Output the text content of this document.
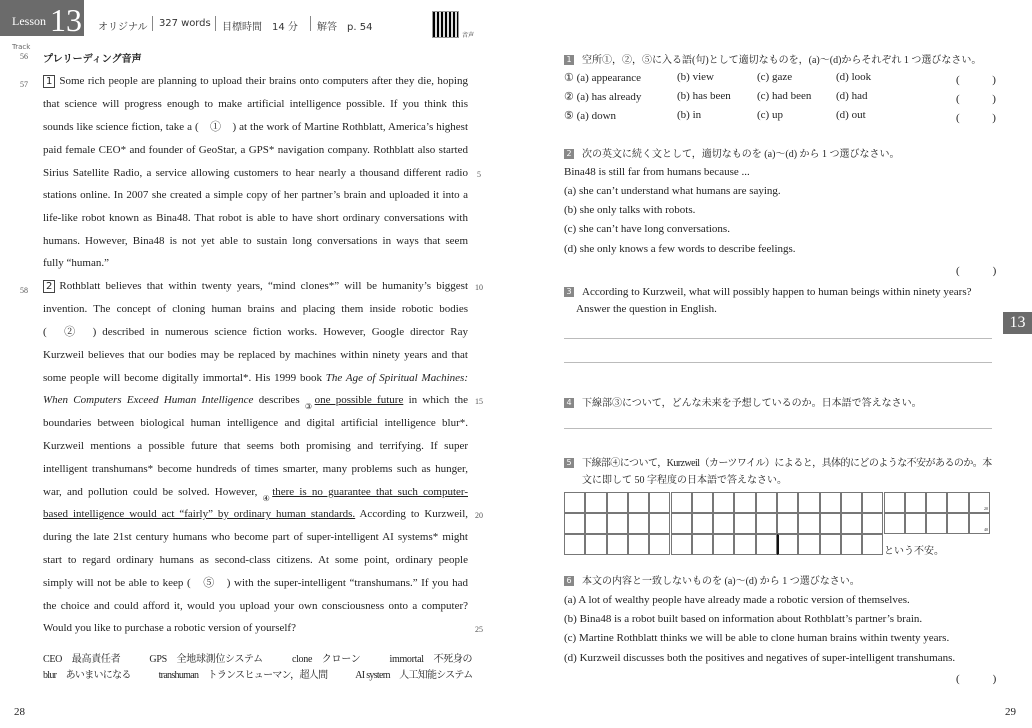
Lesson 13 オリジナル 327 words 目標時間　14 分 解答　p. 54
音声
Track
56 プレリーディング音声
1 Some rich people are planning to upload their brains onto computers after they die, hoping
that science will progress enough to make artificial intelligence possible. If you think this
sounds like science fiction, take a (　①　) at the work of Martine Rothblatt, America’s highest
paid female CEO* and founder of GeoStar, a GPS* navigation company. Rothblatt also started
Sirius Satellite Radio, a service allowing customers to hear nearly a thousand different radio
stations online. In 2007 she created a simple copy of her partner’s brain and uploaded it into a
life-like robot known as Bina48. That robot is able to have short ordinary conversations with
humans. However, Bina48 is not yet able to sustain long conversations in ways that seem
fully “human.”
2 Rothblatt believes that within twenty years, “mind clones*” will be humanity’s biggest
invention. The concept of cloning human brains and placing them inside robotic bodies
(　②　) described in numerous science fiction works. However, Google director Ray
Kurzweil believes that our bodies may be replaced by machines within ninety years and that
some people will become digitally immortal*. His 1999 book The Age of Spiritual Machines:
When Computers Exceed Human Intelligence describes $_③$one possible future in which the
boundaries between biological human intelligence and digital artificial intelligence blur*.
Kurzweil mentions a possible future that seems both promising and terrifying. If super
intelligent transhumans* become hundreds of times smarter, many problems such as hunger,
war, and pollution could be solved. However, $_④$there is no guarantee that such computer-
based intelligence would act “fairly” by ordinary human standards. According to Kurzweil,
during the late 21st century humans who become part of super-intelligent AI systems* might
start to regard ordinary humans as second-class citizens. At some point, ordinary people
simply will not be able to keep (　⑤　) with the super-intelligent “transhumans.” If you had
the choice and could afford it, would you upload your own consciousness onto a computer?
Would you like to purchase a robotic version of yourself?
57
58
5
10
15
20
25
CEO　最高責任者　　　GPS　全地球測位システム　　　clone　クローン　　　immortal　不死身の
blur　あいまいになる　　　transhuman　トランスヒューマン，超人間　　　AI system　人工知能システム
28	29
13
1 空所①，②，⑤に入る語(句)として適切なものを，(a)～(d)からそれぞれ 1 つ選びなさい。
① (a) appearance	(b) view	(c) gaze	(d) look	(　　　)
② (a) has already	(b) has been (c) had been (d) had	(　　　)
⑤ (a) down	(b) in	(c) up	(d) out	(　　　)
2 次の英文に続く文として，適切なものを (a)～(d) から 1 つ選びなさい。
Bina48 is still far from humans because ...
(a) she can’t understand what humans are saying.
(b) she only talks with robots.
(c) she can’t have long conversations.
(d) she only knows a few words to describe feelings.
(　　　)
3 According to Kurzweil, what will possibly happen to human beings within ninety years?
Answer the question in English.
4 下線部③について，どんな未来を予想しているのか。日本語で答えなさい。
5 下線部④について，Kurzweil（カーツワイル）によると，具体的にどのような不安があるのか。本
文に即して 50 字程度の日本語で答えなさい。
20
40
という不安。
6 本文の内容と一致しないものを (a)～(d) から 1 つ選びなさい。
(a) A lot of wealthy people have already made a robotic version of themselves.
(b) Bina48 is a robot built based on information about Rothblatt’s partner’s brain.
(c) Martine Rothblatt thinks we will be able to clone human brains within twenty years.
(d) Kurzweil discusses both the positives and negatives of super-intelligent transhumans.
(　　　)
